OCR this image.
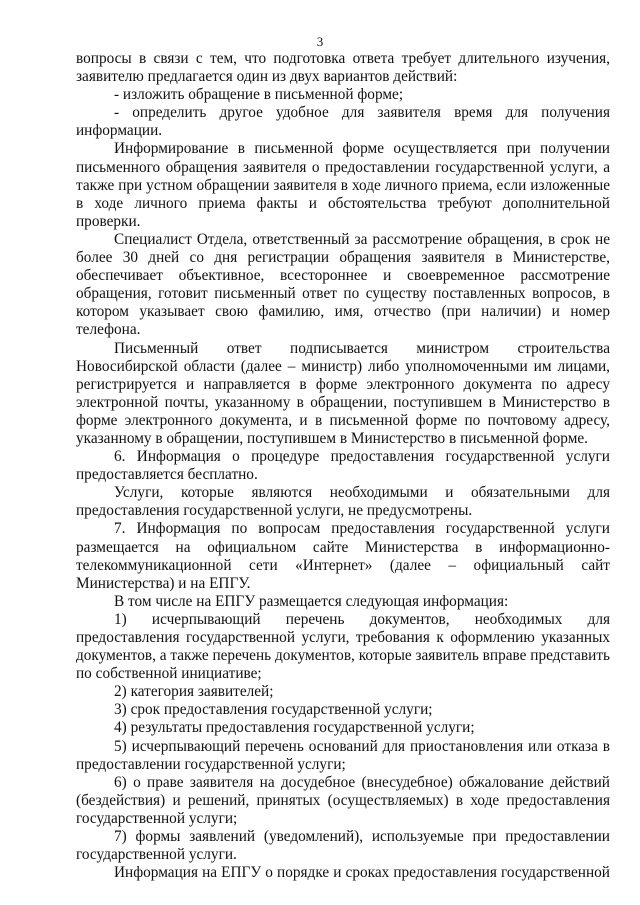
3

вопросы в связи с тем, что подготовка ответа требует длительного изучения, заявителю предлагается один из двух вариантов действий:

- изложить обращение в письменной форме;

- определить другое удобное для заявителя время для получения информации.

Информирование в письменной форме осуществляется при получении письменного обращения заявителя о предоставлении государственной услуги, а также при устном обращении заявителя в ходе личного приема, если изложенные в ходе личного приема факты и обстоятельства требуют дополнительной проверки.

Специалист Отдела, ответственный за рассмотрение обращения, в срок не более 30 дней со дня регистрации обращения заявителя в Министерстве, обеспечивает объективное, всестороннее и своевременное рассмотрение обращения, готовит письменный ответ по существу поставленных вопросов, в котором указывает свою фамилию, имя, отчество (при наличии) и номер телефона.

Письменный ответ подписывается министром строительства Новосибирской области (далее – министр) либо уполномоченными им лицами, регистрируется и направляется в форме электронного документа по адресу электронной почты, указанному в обращении, поступившем в Министерство в форме электронного документа, и в письменной форме по почтовому адресу, указанному в обращении, поступившем в Министерство в письменной форме.

6. Информация о процедуре предоставления государственной услуги предоставляется бесплатно.

Услуги, которые являются необходимыми и обязательными для предоставления государственной услуги, не предусмотрены.

7. Информация по вопросам предоставления государственной услуги размещается на официальном сайте Министерства в информационно-телекоммуникационной сети «Интернет» (далее – официальный сайт Министерства) и на ЕПГУ.

В том числе на ЕПГУ размещается следующая информация:

1) исчерпывающий перечень документов, необходимых для предоставления государственной услуги, требования к оформлению указанных документов, а также перечень документов, которые заявитель вправе представить по собственной инициативе;

2) категория заявителей;

3) срок предоставления государственной услуги;

4) результаты предоставления государственной услуги;

5) исчерпывающий перечень оснований для приостановления или отказа в предоставлении государственной услуги;

6) о праве заявителя на досудебное (внесудебное) обжалование действий (бездействия) и решений, принятых (осуществляемых) в ходе предоставления государственной услуги;

7) формы заявлений (уведомлений), используемые при предоставлении государственной услуги.

Информация на ЕПГУ о порядке и сроках предоставления государственной
